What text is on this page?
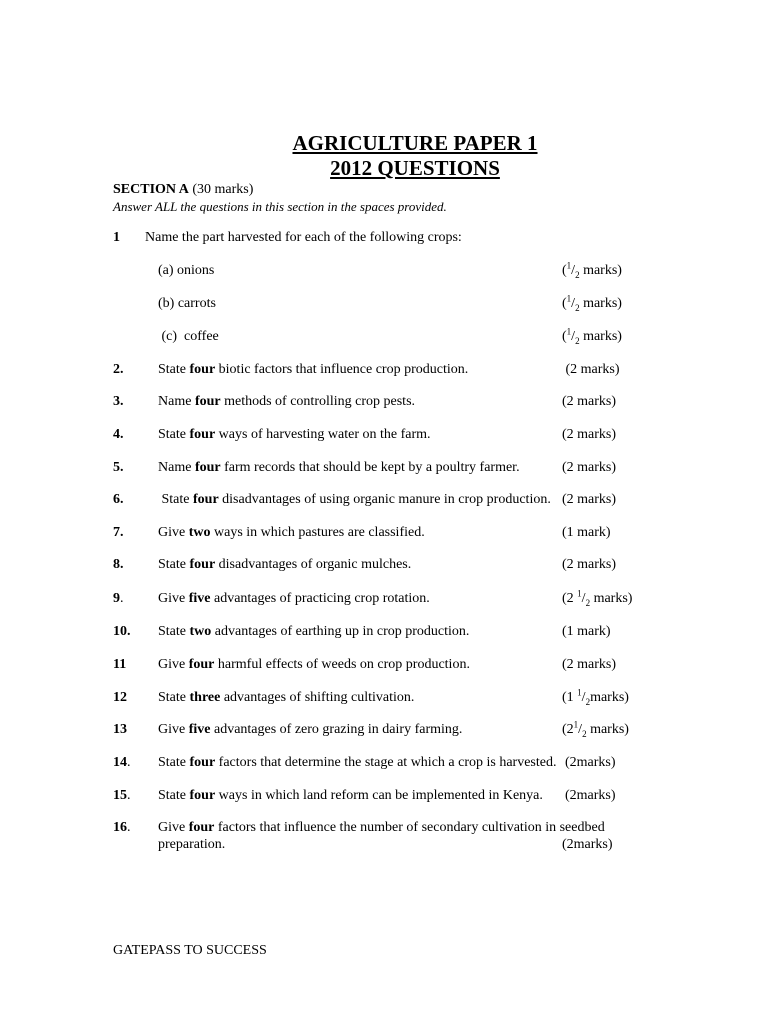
AGRICULTURE PAPER 1
2012 QUESTIONS
SECTION A (30 marks)
Answer ALL the questions in this section in the spaces provided.
1 Name the part harvested for each of the following crops:
(a) onions	($^1/_2$ marks)
(b) carrots	($^1/_2$ marks)
(c)  coffee	($^1/_2$ marks)
2. State four biotic factors that influence crop production.	(2 marks)
3. Name four methods of controlling crop pests.	(2 marks)
4. State four ways of harvesting water on the farm.	(2 marks)
5. Name four farm records that should be kept by a poultry farmer.	(2 marks)
6. State four disadvantages of using organic manure in crop production. (2 marks)
7. Give two ways in which pastures are classified.	(1 mark)
8. State four disadvantages of organic mulches.	(2 marks)
9. Give five advantages of practicing crop rotation.	(2 $^1/_2$ marks)
10. State two advantages of earthing up in crop production.	(1 mark)
11 Give four harmful effects of weeds on crop production.	(2 marks)
12 State three advantages of shifting cultivation.	(1 $^1/_2marks$)
13 Give five advantages of zero grazing in dairy farming.	($2^1/_2$ marks)
14. State four factors that determine the stage at which a crop is harvested. (2marks)
15. State four ways in which land reform can be implemented in Kenya. (2marks)
16. Give four factors that influence the number of secondary cultivation in seedbed
preparation.	(2marks)
GATEPASS TO SUCCESS
